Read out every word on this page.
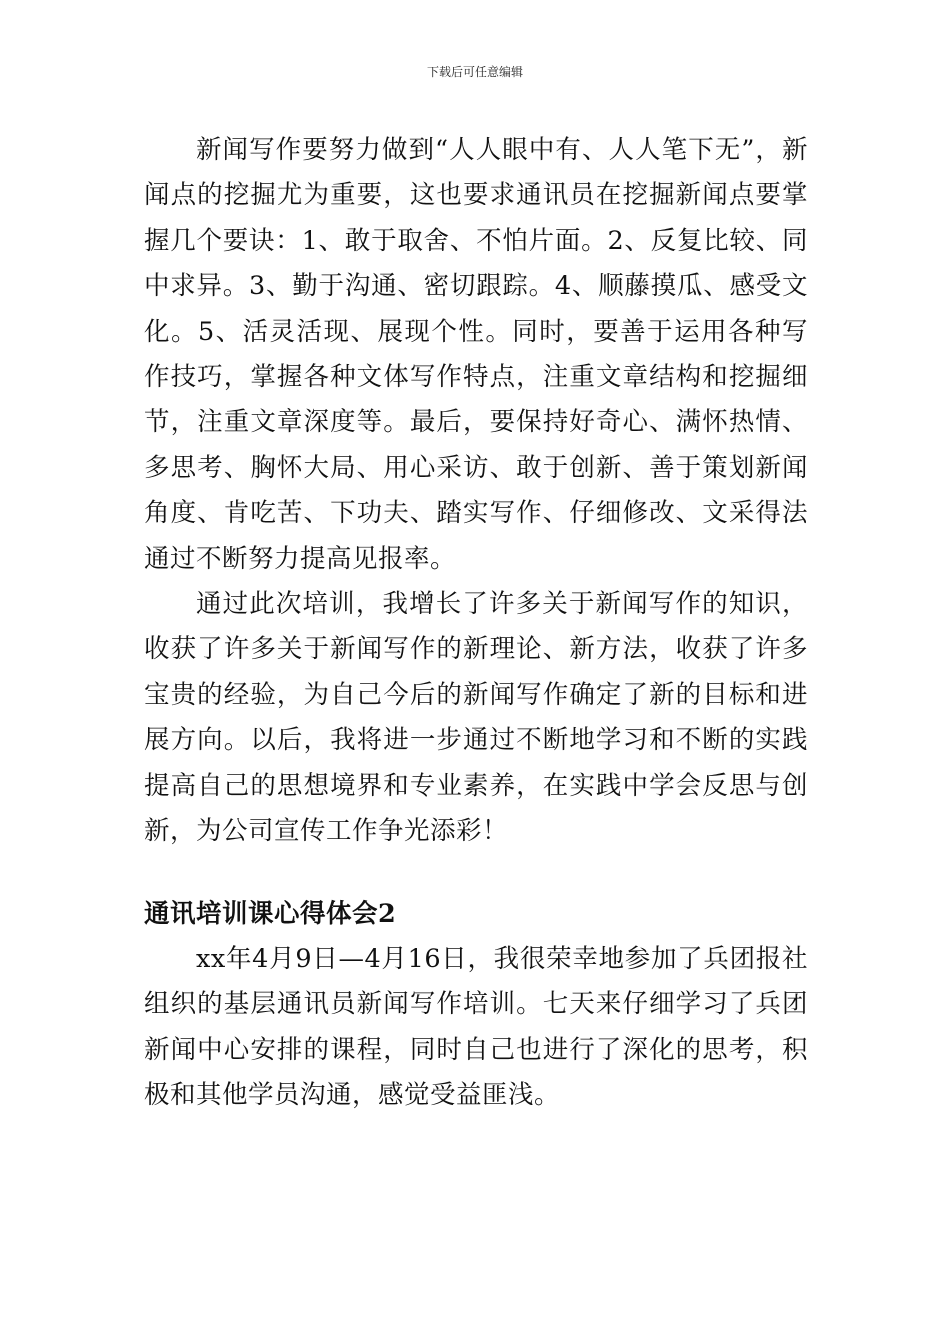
下载后可任意编辑

新闻写作要努力做到“人人眼中有、人人笔下无”，新闻点的挖掘尤为重要，这也要求通讯员在挖掘新闻点要掌握几个要诀：1、敢于取舍、不怕片面。2、反复比较、同中求异。3、勤于沟通、密切跟踪。4、顺藤摸瓜、感受文化。5、活灵活现、展现个性。同时，要善于运用各种写作技巧，掌握各种文体写作特点，注重文章结构和挖掘细节，注重文章深度等。最后，要保持好奇心、满怀热情、多思考、胸怀大局、用心采访、敢于创新、善于策划新闻角度、肯吃苦、下功夫、踏实写作、仔细修改、文采得法通过不断努力提高见报率。

通过此次培训，我增长了许多关于新闻写作的知识，收获了许多关于新闻写作的新理论、新方法，收获了许多宝贵的经验，为自己今后的新闻写作确定了新的目标和进展方向。以后，我将进一步通过不断地学习和不断的实践提高自己的思想境界和专业素养，在实践中学会反思与创新，为公司宣传工作争光添彩！

通讯培训课心得体会2

xx年4月9日—4月16日，我很荣幸地参加了兵团报社组织的基层通讯员新闻写作培训。七天来仔细学习了兵团新闻中心安排的课程，同时自己也进行了深化的思考，积极和其他学员沟通，感觉受益匪浅。
